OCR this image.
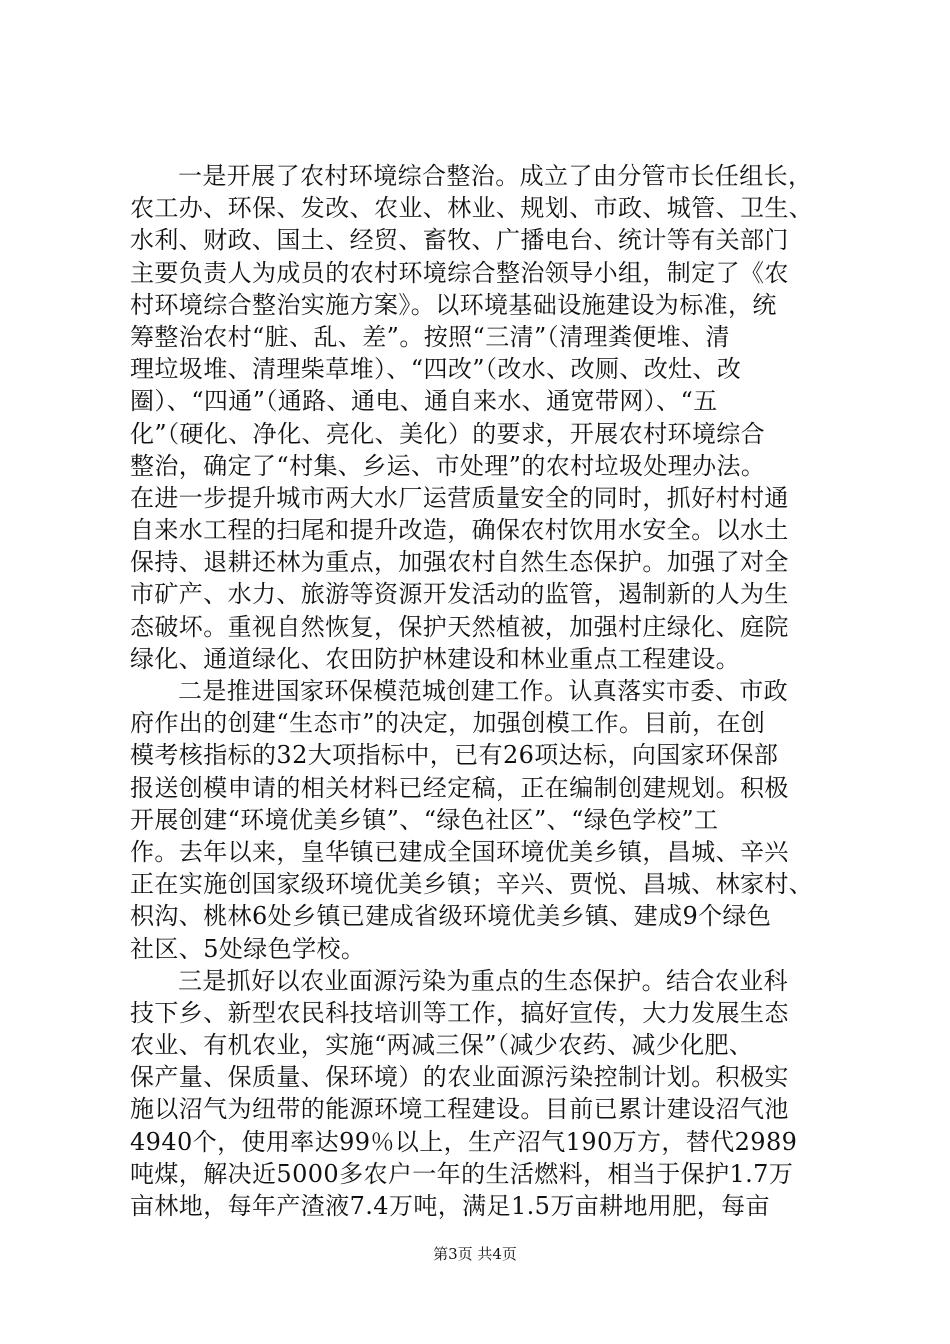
一是开展了农村环境综合整治。成立了由分管市长任组长，
农工办、环保、发改、农业、林业、规划、市政、城管、卫生、
水利、财政、国土、经贸、畜牧、广播电台、统计等有关部门
主要负责人为成员的农村环境综合整治领导小组，制定了《农
村环境综合整治实施方案》。以环境基础设施建设为标准，统
筹整治农村“脏、乱、差”。按照“三清”（清理粪便堆、清
理垃圾堆、清理柴草堆）、“四改”（改水、改厕、改灶、改
圈）、“四通”（通路、通电、通自来水、通宽带网）、“五
化”（硬化、净化、亮化、美化）的要求，开展农村环境综合
整治，确定了“村集、乡运、市处理”的农村垃圾处理办法。
在进一步提升城市两大水厂运营质量安全的同时，抓好村村通
自来水工程的扫尾和提升改造，确保农村饮用水安全。以水土
保持、退耕还林为重点，加强农村自然生态保护。加强了对全
市矿产、水力、旅游等资源开发活动的监管，遏制新的人为生
态破坏。重视自然恢复，保护天然植被，加强村庄绿化、庭院
绿化、通道绿化、农田防护林建设和林业重点工程建设。
二是推进国家环保模范城创建工作。认真落实市委、市政
府作出的创建“生态市”的决定，加强创模工作。目前，在创
模考核指标的32大项指标中，已有26项达标，向国家环保部
报送创模申请的相关材料已经定稿，正在编制创建规划。积极
开展创建“环境优美乡镇”、“绿色社区”、“绿色学校”工
作。去年以来，皇华镇已建成全国环境优美乡镇，昌城、辛兴
正在实施创国家级环境优美乡镇；辛兴、贾悦、昌城、林家村、
枳沟、桃林6处乡镇已建成省级环境优美乡镇、建成9个绿色
社区、5处绿色学校。
三是抓好以农业面源污染为重点的生态保护。结合农业科
技下乡、新型农民科技培训等工作，搞好宣传，大力发展生态
农业、有机农业，实施“两减三保”（减少农药、减少化肥、
保产量、保质量、保环境）的农业面源污染控制计划。积极实
施以沼气为纽带的能源环境工程建设。目前已累计建设沼气池
4940个，使用率达99％以上，生产沼气190万方，替代2989
吨煤，解决近5000多农户一年的生活燃料，相当于保护1.7万
亩林地，每年产渣液7.4万吨，满足1.5万亩耕地用肥，每亩
第3页 共4页
